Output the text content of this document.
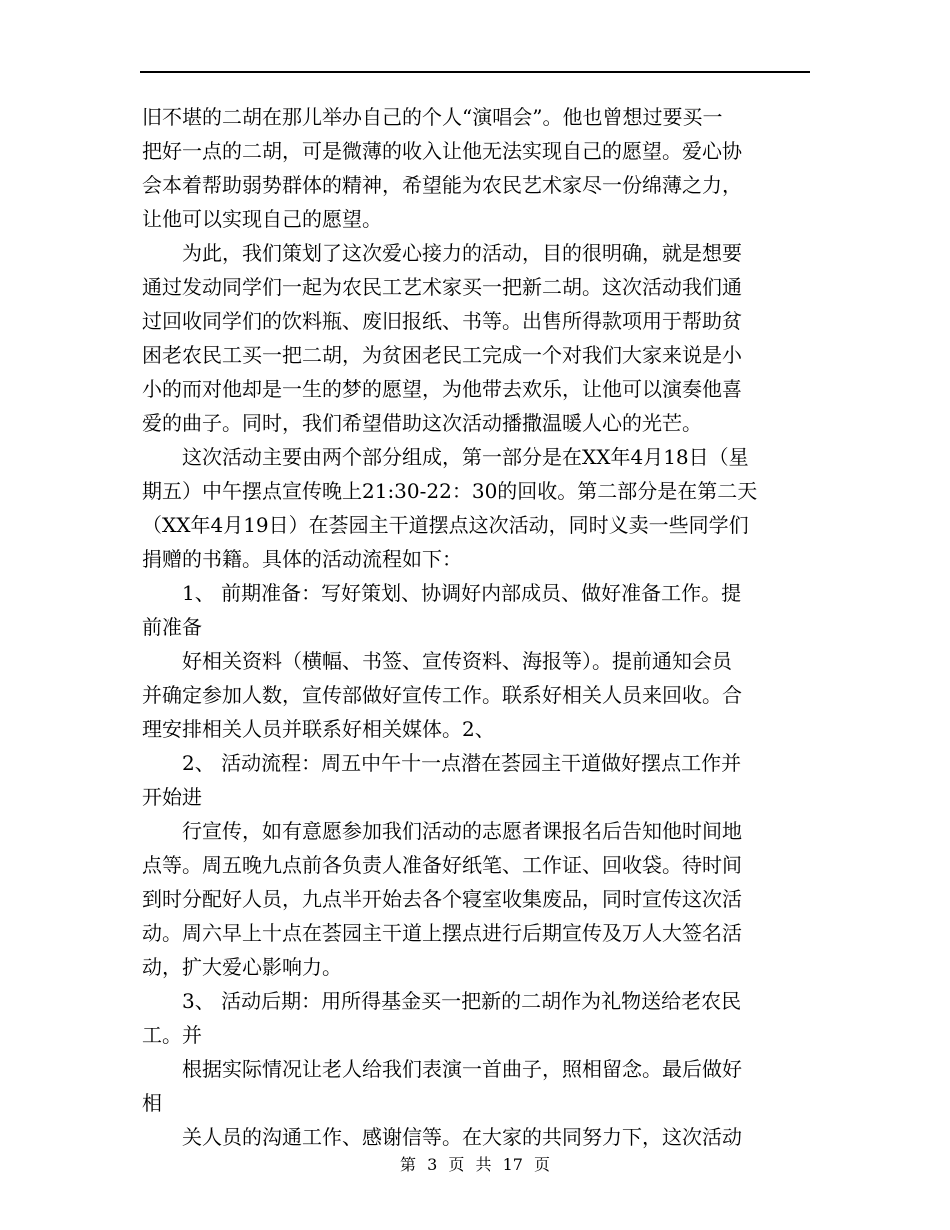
旧不堪的二胡在那儿举办自己的个人“演唱会”。他也曾想过要买一
把好一点的二胡，可是微薄的收入让他无法实现自己的愿望。爱心协
会本着帮助弱势群体的精神，希望能为农民艺术家尽一份绵薄之力，
让他可以实现自己的愿望。
为此，我们策划了这次爱心接力的活动，目的很明确，就是想要
通过发动同学们一起为农民工艺术家买一把新二胡。这次活动我们通
过回收同学们的饮料瓶、废旧报纸、书等。出售所得款项用于帮助贫
困老农民工买一把二胡，为贫困老民工完成一个对我们大家来说是小
小的而对他却是一生的梦的愿望，为他带去欢乐，让他可以演奏他喜
爱的曲子。同时，我们希望借助这次活动播撒温暖人心的光芒。
这次活动主要由两个部分组成，第一部分是在XX年4月18日（星
期五）中午摆点宣传晚上21:30-22：30的回收。第二部分是在第二天
（XX年4月19日）在荟园主干道摆点这次活动，同时义卖一些同学们
捐赠的书籍。具体的活动流程如下：
1、 前期准备：写好策划、协调好内部成员、做好准备工作。提
前准备
好相关资料（横幅、书签、宣传资料、海报等）。提前通知会员
并确定参加人数，宣传部做好宣传工作。联系好相关人员来回收。合
理安排相关人员并联系好相关媒体。2、
2、 活动流程：周五中午十一点潜在荟园主干道做好摆点工作并
开始进
行宣传，如有意愿参加我们活动的志愿者课报名后告知他时间地
点等。周五晚九点前各负责人准备好纸笔、工作证、回收袋。待时间
到时分配好人员，九点半开始去各个寝室收集废品，同时宣传这次活
动。周六早上十点在荟园主干道上摆点进行后期宣传及万人大签名活
动，扩大爱心影响力。
3、 活动后期：用所得基金买一把新的二胡作为礼物送给老农民
工。并
根据实际情况让老人给我们表演一首曲子，照相留念。最后做好
相
关人员的沟通工作、感谢信等。在大家的共同努力下，这次活动
第 3 页 共 17 页
